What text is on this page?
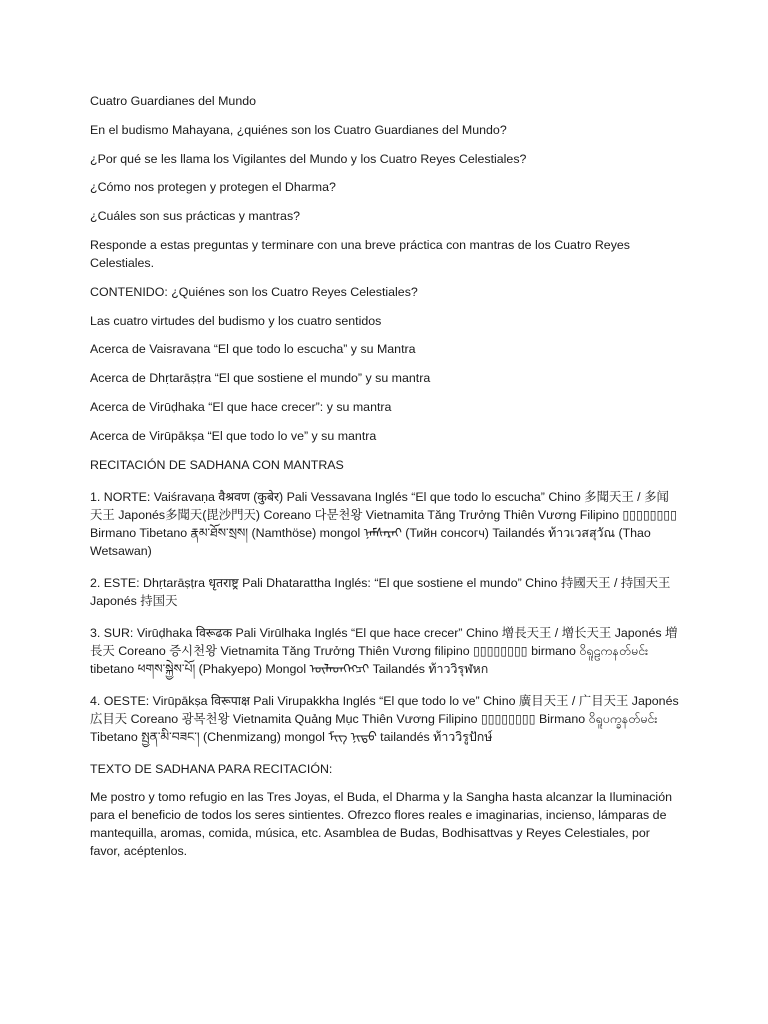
Cuatro Guardianes del Mundo

En el budismo Mahayana, ¿quiénes son los Cuatro Guardianes del Mundo?

¿Por qué se les llama los Vigilantes del Mundo y los Cuatro Reyes Celestiales?

¿Cómo nos protegen y protegen el Dharma?

¿Cuáles son sus prácticas y mantras?

Responde a estas preguntas y terminare con una breve práctica con mantras de los Cuatro Reyes Celestiales.

CONTENIDO: ¿Quiénes son los Cuatro Reyes Celestiales?

Las cuatro virtudes del budismo y los cuatro sentidos

Acerca de Vaisravana “El que todo lo escucha” y su Mantra

Acerca de Dhṛtarāṣṭra “El que sostiene el mundo” y su mantra

Acerca de Virūḍhaka “El que hace crecer”: y su mantra

Acerca de Virūpākṣa “El que todo lo ve” y su mantra

RECITACIÓN DE SADHANA CON MANTRAS

1. NORTE: Vaiśravaṇa वैश्रवण (कुबेर) Pali Vessavana Inglés “El que todo lo escucha” Chino 多聞天王 / 多闻天王 Japonés多聞天(毘沙門天) Coreano 다문천왕 Vietnamita Tăng Trưởng Thiên Vương Filipino ▯▯▯▯▯▯▯▯ Birmano Tibetano རྣམ་ཐོས་སྲས། (Namthöse) mongol ᠨᠠᠮᠰᠠᠷᠠᠢ (Тийн сонсогч) Tailandés ท้าวเวสสุวัณ (Thao Wetsawan)

2. ESTE: Dhṛtarāṣṭra धृतराष्ट्र Pali Dhatarattha Inglés: “El que sostiene el mundo” Chino 持國天王 / 持国天王 Japonés 持国天

3. SUR: Virūḍhaka विरूढक Pali Virūlhaka Inglés “El que hace crecer” Chino 增長天王 / 增长天王 Japonés 増長天 Coreano 증시천왕 Vietnamita Tăng Trưởng Thiên Vương filipino ▯▯▯▯▯▯▯▯ birmano ဝိရူဠကနတ်မင်း tibetano ཕགས་སྐྱེས་པོ། (Phakyepo) Mongol ᠦᠯᠡᠳᠭᠡᠭᠴᠢ Tailandés ท้าววิรุฬหก

4. OESTE: Virūpākṣa विरूपाक्ष Pali Virupakkha Inglés “El que todo lo ve” Chino 廣目天王 / 广目天王 Japonés 広目天 Coreano 광목천왕 Vietnamita Quảng Mục Thiên Vương Filipino ▯▯▯▯▯▯▯▯ Birmano ဝိရူပက္ခနတ်မင်း Tibetano སྤྱན་མི་བཟང་། (Chenmizang) mongol ᠮᠢᠭ ᠨᠢᠳᠦ tailandés ท้าววิรูปักษ์

TEXTO DE SADHANA PARA RECITACIÓN:

Me postro y tomo refugio en las Tres Joyas, el Buda, el Dharma y la Sangha hasta alcanzar la Iluminación para el beneficio de todos los seres sintientes. Ofrezco flores reales e imaginarias, incienso, lámparas de mantequilla, aromas, comida, música, etc. Asamblea de Budas, Bodhisattvas y Reyes Celestiales, por favor, acéptenlos.
